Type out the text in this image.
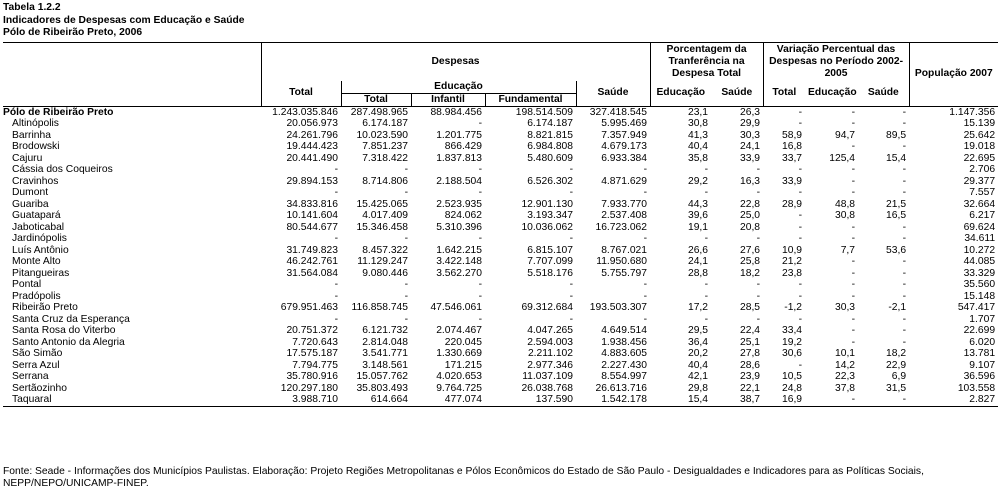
Tabela 1.2.2
Indicadores de Despesas com Educação e Saúde
Pólo de Ribeirão Preto, 2006
	Despesas					Porcentagem da Tranferência na Despesa Total		Variação Percentual das Despesas no Período 2002-2005			População 2007
	Total	Educação			Saúde	Educação	Saúde	Total	Educação	Saúde	
		Total	Infantil	Fundamental							
Pólo de Ribeirão Preto	1.243.035.846	287.498.965	88.984.456	198.514.509	327.418.545	23,1	26,3	-	-	-	1.147.356
Altinópolis	20.056.973	6.174.187	-	6.174.187	5.995.469	30,8	29,9	-	-	-	15.139
Barrinha	24.261.796	10.023.590	1.201.775	8.821.815	7.357.949	41,3	30,3	58,9	94,7	89,5	25.642
Brodowski	19.444.423	7.851.237	866.429	6.984.808	4.679.173	40,4	24,1	16,8	-	-	19.018
Cajuru	20.441.490	7.318.422	1.837.813	5.480.609	6.933.384	35,8	33,9	33,7	125,4	15,4	22.695
Cássia dos Coqueiros	-	-	-	-	-	-	-	-	-	-	2.706
Cravinhos	29.894.153	8.714.806	2.188.504	6.526.302	4.871.629	29,2	16,3	33,9	-	-	29.377
Dumont	-	-	-	-	-	-	-	-	-	-	7.557
Guariba	34.833.816	15.425.065	2.523.935	12.901.130	7.933.770	44,3	22,8	28,9	48,8	21,5	32.664
Guatapará	10.141.604	4.017.409	824.062	3.193.347	2.537.408	39,6	25,0	-	30,8	16,5	6.217
Jaboticabal	80.544.677	15.346.458	5.310.396	10.036.062	16.723.062	19,1	20,8	-	-	-	69.624
Jardinópolis	-	-	-	-	-	-	-	-	-	-	34.611
Luís Antônio	31.749.823	8.457.322	1.642.215	6.815.107	8.767.021	26,6	27,6	10,9	7,7	53,6	10.272
Monte Alto	46.242.761	11.129.247	3.422.148	7.707.099	11.950.680	24,1	25,8	21,2	-	-	44.085
Pitangueiras	31.564.084	9.080.446	3.562.270	5.518.176	5.755.797	28,8	18,2	23,8	-	-	33.329
Pontal	-	-	-	-	-	-	-	-	-	-	35.560
Pradópolis	-	-	-	-	-	-	-	-	-	-	15.148
Ribeirão Preto	679.951.463	116.858.745	47.546.061	69.312.684	193.503.307	17,2	28,5	-1,2	30,3	-2,1	547.417
Santa Cruz da Esperança	-	-	-	-	-	-	-	-	-	-	1.707
Santa Rosa do Viterbo	20.751.372	6.121.732	2.074.467	4.047.265	4.649.514	29,5	22,4	33,4	-	-	22.699
Santo Antonio da Alegria	7.720.643	2.814.048	220.045	2.594.003	1.938.456	36,4	25,1	19,2	-	-	6.020
São Simão	17.575.187	3.541.771	1.330.669	2.211.102	4.883.605	20,2	27,8	30,6	10,1	18,2	13.781
Serra Azul	7.794.775	3.148.561	171.215	2.977.346	2.227.430	40,4	28,6	-	14,2	22,9	9.107
Serrana	35.780.916	15.057.762	4.020.653	11.037.109	8.554.997	42,1	23,9	10,5	22,3	6,9	36.596
Sertãozinho	120.297.180	35.803.493	9.764.725	26.038.768	26.613.716	29,8	22,1	24,8	37,8	31,5	103.558
Taquaral	3.988.710	614.664	477.074	137.590	1.542.178	15,4	38,7	16,9	-	-	2.827
Fonte: Seade - Informações dos Municípios Paulistas. Elaboração: Projeto Regiões Metropolitanas e Pólos Econômicos do Estado de São Paulo - Desigualdades e Indicadores para as Políticas Sociais,
NEPP/NEPO/UNICAMP-FINEP.
